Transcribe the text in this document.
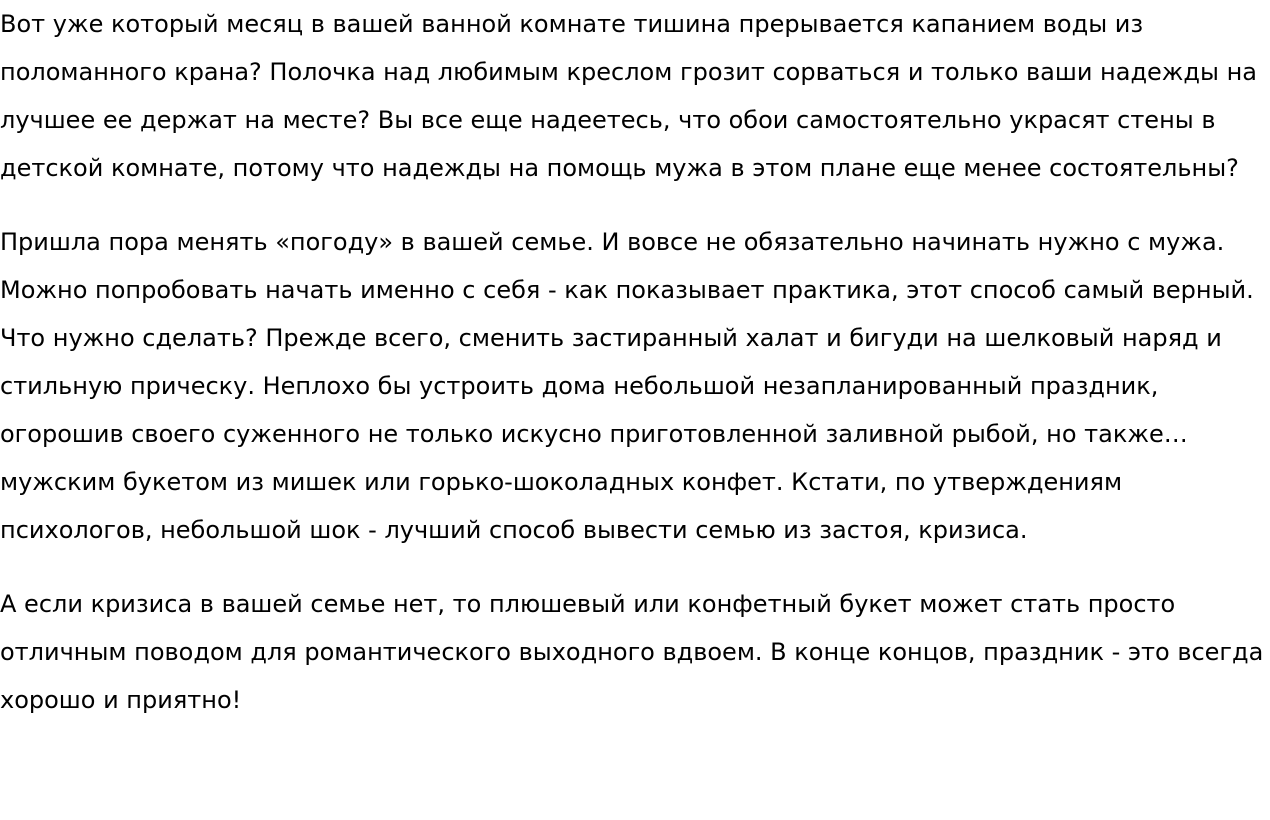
Вот уже который месяц в вашей ванной комнате тишина прерывается капанием воды из поломанного крана? Полочка над любимым креслом грозит сорваться и только ваши надежды на лучшее ее держат на месте? Вы все еще надеетесь, что обои самостоятельно украсят стены в детской комнате, потому что надежды на помощь мужа в этом плане еще менее состоятельны?

Пришла пора менять «погоду» в вашей семье. И вовсе не обязательно начинать нужно с мужа. Можно попробовать начать именно с себя - как показывает практика, этот способ самый верный. Что нужно сделать? Прежде всего, сменить застиранный халат и бигуди на шелковый наряд и стильную прическу. Неплохо бы устроить дома небольшой незапланированный праздник, огорошив своего суженного не только искусно приготовленной заливной рыбой, но также… мужским букетом из мишек или горько-шоколадных конфет. Кстати, по утверждениям психологов, небольшой шок - лучший способ вывести семью из застоя, кризиса.

А если кризиса в вашей семье нет, то плюшевый или конфетный букет может стать просто отличным поводом для романтического выходного вдвоем. В конце концов, праздник - это всегда хорошо и приятно!
